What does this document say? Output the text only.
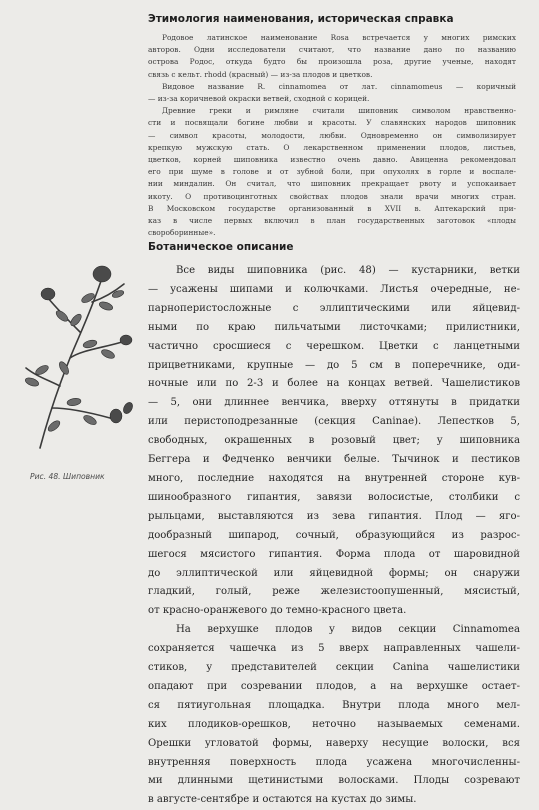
Этимология наименования, историческая справка
Родовое латинское наименование Rosa встречается у многих римских
авторов. Одни исследователи считают, что название дано по названию
острова Родос, откуда будто бы произошла роза, другие ученые, находят
связь с кельт. rhodd (красный) — из-за плодов и цветков.
Видовое название R. cinnamomea от лат. cinnamomeus — коричный
— из-за коричневой окраски ветвей, сходной с корицей.
Древние греки и римляне считали шиповник символом нравственно-
сти и посвящали богине любви и красоты. У славянских народов шиповник
— символ красоты, молодости, любви. Одновременно он символизирует
крепкую мужскую стать. О лекарственном применении плодов, листьев,
цветков, корней шиповника известно очень давно. Авиценна рекомендовал
его при шуме в голове и от зубной боли, при опухолях в горле и воспале-
нии миндалин. Он считал, что шиповник прекращает рвоту и успокаивает
икоту. О противоцинготных свойствах плодов знали врачи многих стран.
В Московском государстве организованный в XVII в. Аптекарский при-
каз в числе первых включил в план государственных заготовок «плоды
свороборинные».
Ботаническое описание
Все виды шиповника (рис. 48) — кустарники, ветки
— усажены шипами и колючками. Листья очередные, не-
парноперистосложные с эллиптическими или яйцевид-
ными по краю пильчатыми листочками; прилистники,
частично сросшиеся с черешком. Цветки с ланцетными
прицветниками, крупные — до 5 см в поперечнике, оди-
ночные или по 2-3 и более на концах ветвей. Чашелистиков
— 5, они длиннее венчика, вверху оттянуты в придатки
или перистоподрезанные (секция Caninae). Лепестков 5,
свободных, окрашенных в розовый цвет; у шиповника
Беггера и Федченко венчики белые. Тычинок и пестиков
много, последние находятся на внутренней стороне кув-
шинообразного гипантия, завязи волосистые, столбики с
рыльцами, выставляются из зева гипантия. Плод — яго-
дообразный шипарод, сочный, образующийся из разрос-
шегося мясистого гипантия. Форма плода от шаровидной
до эллиптической или яйцевидной формы; он снаружи
гладкий, голый, реже железистоопушенный, мясистый,
от красно-оранжевого до темно-красного цвета.
На верхушке плодов у видов секции Cinnamomea
сохраняется чашечка из 5 вверх направленных чашели-
стиков, у представителей секции Canina чашелистики
опадают при созревании плодов, а на верхушке остает-
ся пятиугольная площадка. Внутри плода много мел-
ких плодиков-орешков, неточно называемых семенами.
Орешки угловатой формы, наверху несущие волоски, вся
внутренняя поверхность плода усажена многочисленны-
ми длинными щетинистыми волосками. Плоды созревают
в августе-сентябре и остаются на кустах до зимы.
Рис. 48. Шиповник
